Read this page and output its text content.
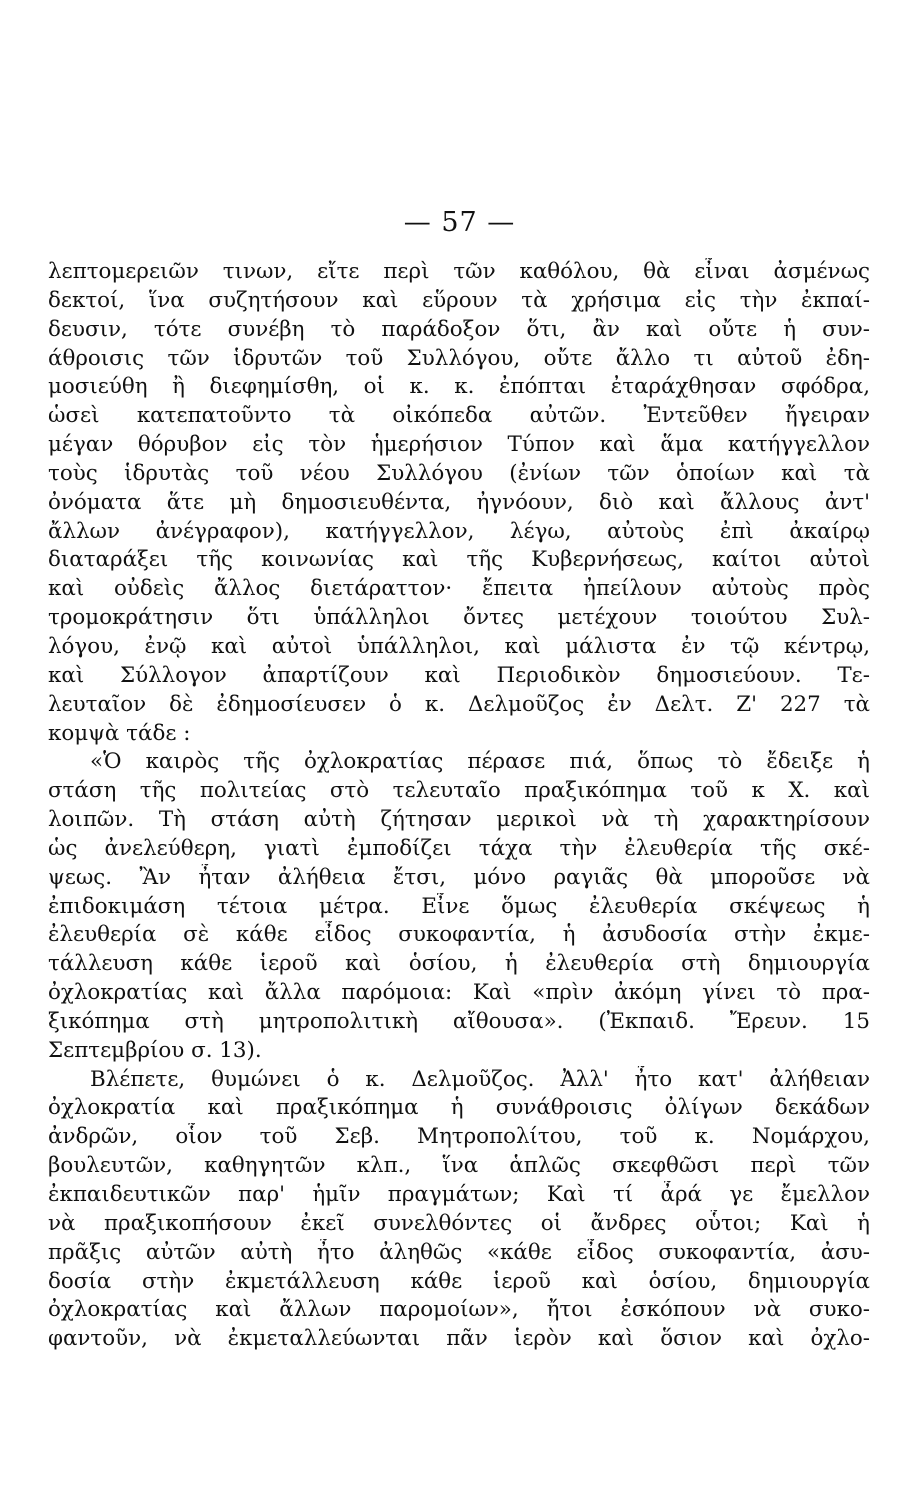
— 57 —
λεπτομερειῶν τινων, εἴτε περὶ τῶν καθόλου, θὰ εἶναι ἀσμένως
δεκτοί, ἵνα συζητήσουν καὶ εὕρουν τὰ χρήσιμα εἰς τὴν ἐκπαί-
δευσιν, τότε συνέβη τὸ παράδοξον ὅτι, ἂν καὶ οὔτε ἡ συν-
άθροισις τῶν ἱδρυτῶν τοῦ Συλλόγου, οὔτε ἄλλο τι αὐτοῦ ἐδη-
μοσιεύθη ἢ διεφημίσθη, οἱ κ. κ. ἐπόπται ἐταράχθησαν σφόδρα,
ὡσεὶ κατεπατοῦντο τὰ οἰκόπεδα αὐτῶν. Ἐντεῦθεν ἤγειραν
μέγαν θόρυβον εἰς τὸν ἡμερήσιον Τύπον καὶ ἅμα κατήγγελλον
τοὺς ἱδρυτὰς τοῦ νέου Συλλόγου (ἐνίων τῶν ὁποίων καὶ τὰ
ὀνόματα ἅτε μὴ δημοσιευθέντα, ἠγνόουν, διὸ καὶ ἄλλους ἀντ'
ἄλλων ἀνέγραφον), κατήγγελλον, λέγω, αὐτοὺς ἐπὶ ἀκαίρῳ
διαταράξει τῆς κοινωνίας καὶ τῆς Κυβερνήσεως, καίτοι αὐτοὶ
καὶ οὐδεὶς ἄλλος διετάραττον· ἔπειτα ἠπείλουν αὐτοὺς πρὸς
τρομοκράτησιν ὅτι ὑπάλληλοι ὄντες μετέχουν τοιούτου Συλ-
λόγου, ἐνῷ καὶ αὐτοὶ ὑπάλληλοι, καὶ μάλιστα ἐν τῷ κέντρῳ,
καὶ Σύλλογον ἀπαρτίζουν καὶ Περιοδικὸν δημοσιεύουν. Τε-
λευταῖον δὲ ἐδημοσίευσεν ὁ κ. Δελμοῦζος ἐν Δελτ. Ζ' 227 τὰ
κομψὰ τάδε :
«Ὁ καιρὸς τῆς ὀχλοκρατίας πέρασε πιά, ὅπως τὸ ἔδειξε ἡ
στάση τῆς πολιτείας στὸ τελευταῖο πραξικόπημα τοῦ κ Χ. καὶ
λοιπῶν. Τὴ στάση αὐτὴ ζήτησαν μερικοὶ νὰ τὴ χαρακτηρίσουν
ὡς ἀνελεύθερη, γιατὶ ἐμποδίζει τάχα τὴν ἐλευθερία τῆς σκέ-
ψεως. Ἂν ἦταν ἀλήθεια ἔτσι, μόνο ραγιᾶς θὰ μποροῦσε νὰ
ἐπιδοκιμάση τέτοια μέτρα. Εἶνε ὅμως ἐλευθερία σκέψεως ἡ
ἐλευθερία σὲ κάθε εἶδος συκοφαντία, ἡ ἀσυδοσία στὴν ἐκμε-
τάλλευση κάθε ἱεροῦ καὶ ὁσίου, ἡ ἐλευθερία στὴ δημιουργία
ὀχλοκρατίας καὶ ἄλλα παρόμοια: Καὶ «πρὶν ἀκόμη γίνει τὸ πρα-
ξικόπημα στὴ μητροπολιτικὴ αἴθουσα». (Ἐκπαιδ. Ἔρευν. 15
Σεπτεμβρίου σ. 13).
Βλέπετε, θυμώνει ὁ κ. Δελμοῦζος. Ἀλλ' ἦτο κατ' ἀλήθειαν
ὀχλοκρατία καὶ πραξικόπημα ἡ συνάθροισις ὀλίγων δεκάδων
ἀνδρῶν, οἷον τοῦ Σεβ. Μητροπολίτου, τοῦ κ. Νομάρχου,
βουλευτῶν, καθηγητῶν κλπ., ἵνα ἁπλῶς σκεφθῶσι περὶ τῶν
ἐκπαιδευτικῶν παρ' ἡμῖν πραγμάτων; Καὶ τί ἆρά γε ἔμελλον
νὰ πραξικοπήσουν ἐκεῖ συνελθόντες οἱ ἄνδρες οὗτοι; Καὶ ἡ
πρᾶξις αὐτῶν αὐτὴ ἦτο ἀληθῶς «κάθε εἶδος συκοφαντία, ἀσυ-
δοσία στὴν ἐκμετάλλευση κάθε ἱεροῦ καὶ ὁσίου, δημιουργία
ὀχλοκρατίας καὶ ἄλλων παρομοίων», ἤτοι ἐσκόπουν νὰ συκο-
φαντοῦν, νὰ ἐκμεταλλεύωνται πᾶν ἱερὸν καὶ ὅσιον καὶ ὀχλο-
